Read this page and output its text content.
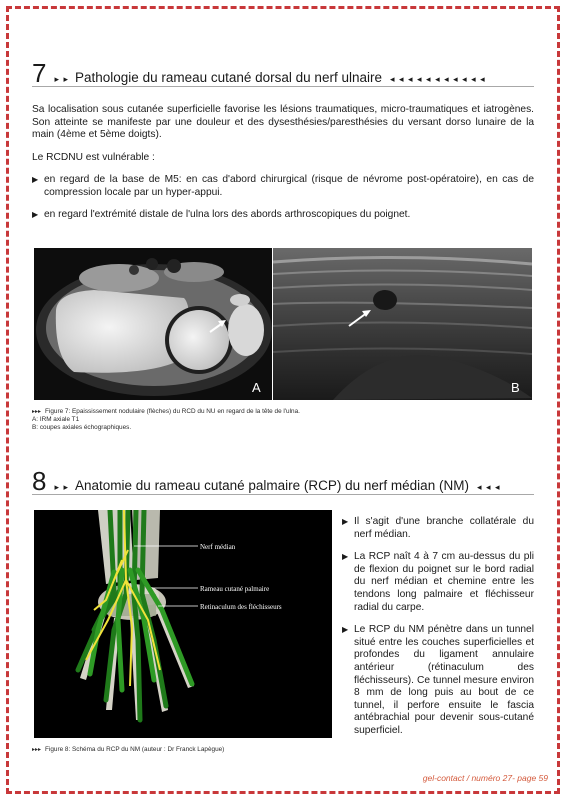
7 ▸ ▸ Pathologie du rameau cutané dorsal du nerf ulnaire ◂ ◂ ◂ ◂ ◂ ◂ ◂ ◂ ◂ ◂ ◂
Sa localisation sous cutanée superficielle favorise les lésions traumatiques, micro-traumatiques et iatrogènes. Son atteinte se manifeste par une douleur et des dysesthésies/paresthésies du versant dorso lunaire de la main (4ème et 5ème doigts).
Le RCDNU est vulnérable :
▶ en regard de la base de M5: en cas d'abord chirurgical (risque de névrome post-opératoire), en cas de compression locale par un hyper-appui.
▶ en regard l'extrémité distale de l'ulna lors des abords arthroscopiques du poignet.
A	B
▸▸▸ Figure 7: Epaississement nodulaire (flèches) du RCD du NU en regard de la tête de l'ulna.
A: IRM axiale T1
B: coupes axiales échographiques.
8 ▸ ▸ Anatomie du rameau cutané palmaire (RCP) du nerf médian (NM) ◂ ◂ ◂
Nerf médian
Rameau cutané palmaire
Retinaculum des fléchisseurs
▶ Il s'agit d'une branche collatérale du nerf médian.
▶ La RCP naît 4 à 7 cm au-dessus du pli de flexion du poignet sur le bord radial du nerf médian et chemine entre les tendons long palmaire et fléchisseur radial du carpe.
▶ Le RCP du NM pénètre dans un tunnel situé entre les couches superficielles et profondes du ligament annulaire antérieur (rétinaculum des fléchisseurs). Ce tunnel mesure environ 8 mm de long puis au bout de ce tunnel, il perfore ensuite le fascia antébrachial pour devenir sous-cutané superficiel.
▸▸▸ Figure 8: Schéma du RCP du NM (auteur : Dr Franck Lapègue)
gel-contact / numéro 27- page 59
